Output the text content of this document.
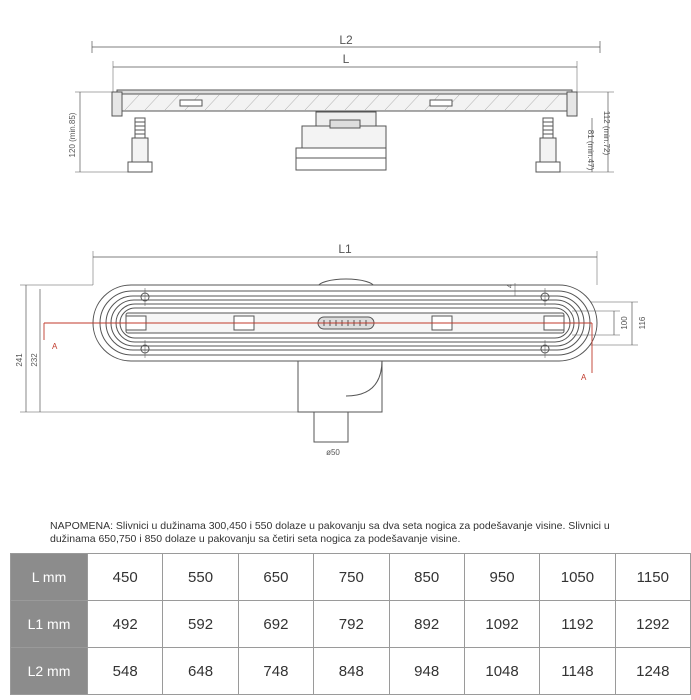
L2
L
120 (min.85)	81 (min.47) 112 (min.72)
A
A
L1
4
241 232
100 116
ø50
NAPOMENA: Slivnici u dužinama 300,450 i 550 dolaze u pakovanju sa dva seta nogica za podešavanje visine. Slivnici u dužinama 650,750 i 850 dolaze u pakovanju sa četiri seta nogica za podešavanje visine.
L mm	450	550	650	750	850	950	1050	1150
L1 mm	492	592	692	792	892	1092	1192	1292
L2 mm	548	648	748	848	948	1048	1148	1248
